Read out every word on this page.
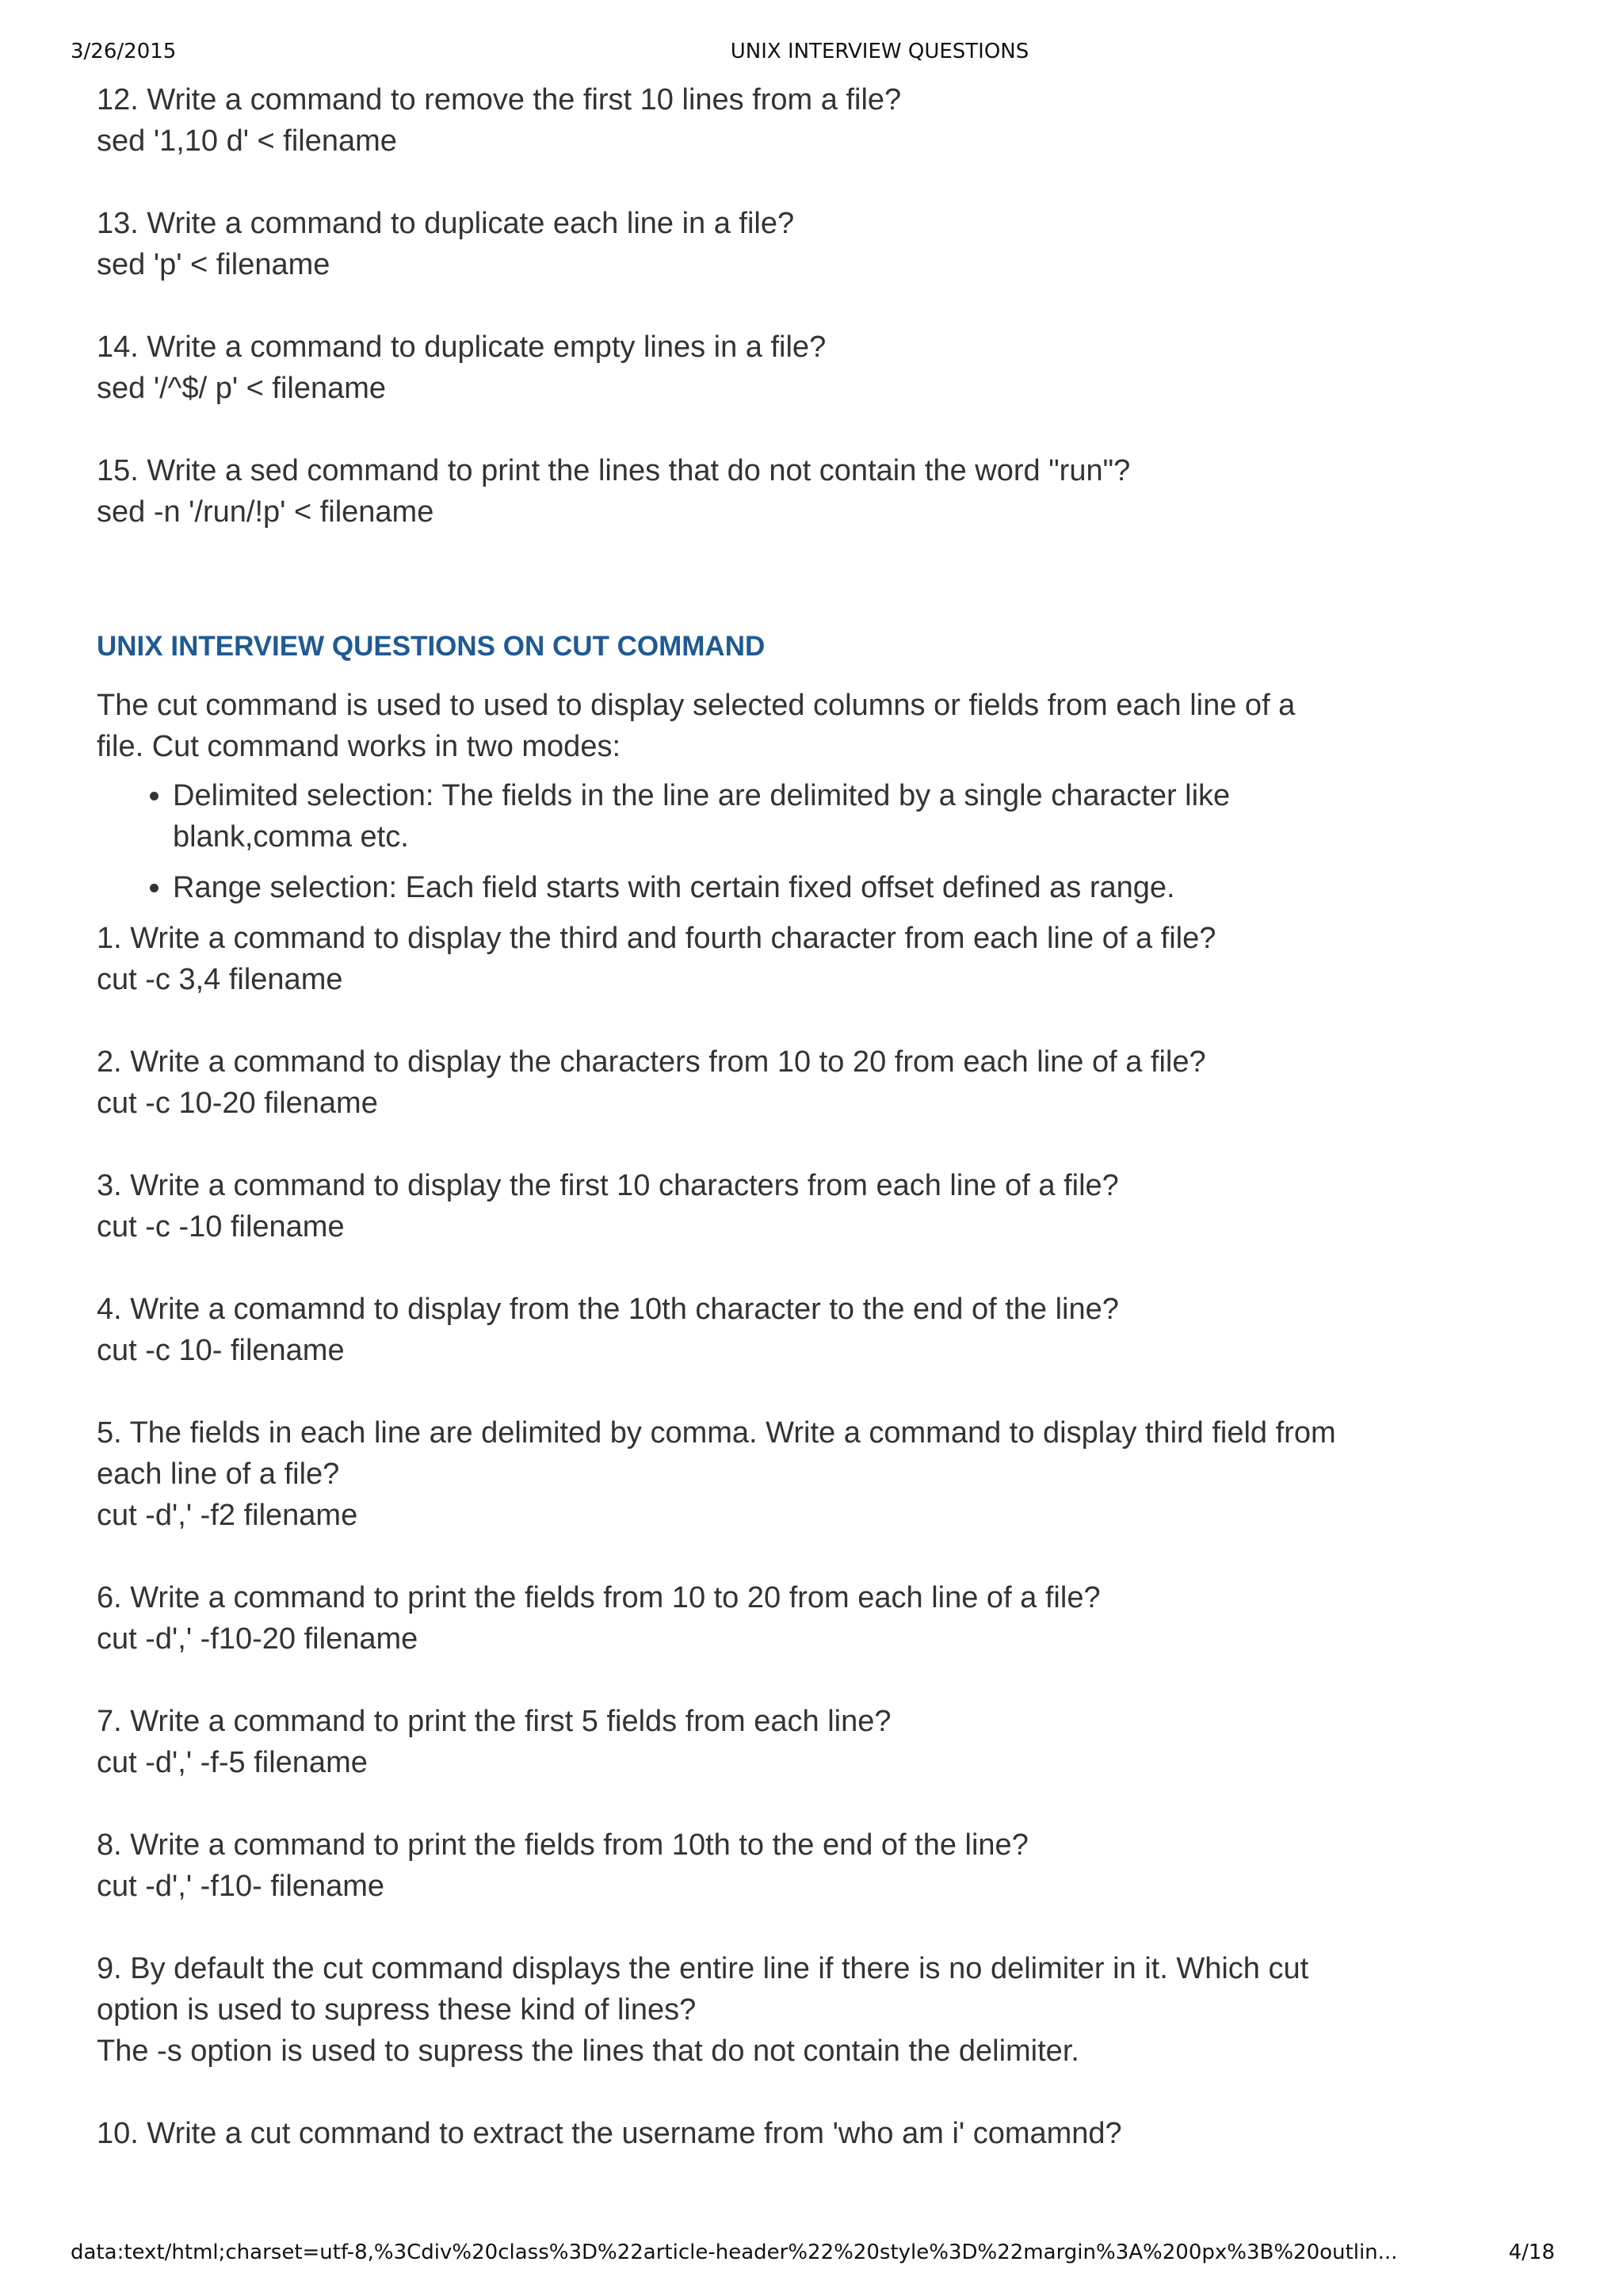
3/26/2015	UNIX INTERVIEW QUESTIONS

12. Write a command to remove the first 10 lines from a file?

sed '1,10 d' < filename

13. Write a command to duplicate each line in a file?

sed 'p' < filename

14. Write a command to duplicate empty lines in a file?

sed '/^$/ p' < filename

15. Write a sed command to print the lines that do not contain the word "run"?

sed -n '/run/!p' < filename

UNIX INTERVIEW QUESTIONS ON CUT COMMAND

The cut command is used to used to display selected columns or fields from each line of a file. Cut command works in two modes:

• Delimited selection: The fields in the line are delimited by a single character like blank,comma etc.
• Range selection: Each field starts with certain fixed offset defined as range.

1. Write a command to display the third and fourth character from each line of a file?

cut -c 3,4 filename

2. Write a command to display the characters from 10 to 20 from each line of a file?

cut -c 10-20 filename

3. Write a command to display the first 10 characters from each line of a file?

cut -c -10 filename

4. Write a comamnd to display from the 10th character to the end of the line?

cut -c 10- filename

5. The fields in each line are delimited by comma. Write a command to display third field from each line of a file?

cut -d',' -f2 filename

6. Write a command to print the fields from 10 to 20 from each line of a file?

cut -d',' -f10-20 filename

7. Write a command to print the first 5 fields from each line?

cut -d',' -f-5 filename

8. Write a command to print the fields from 10th to the end of the line?

cut -d',' -f10- filename

9. By default the cut command displays the entire line if there is no delimiter in it. Which cut option is used to supress these kind of lines?

The -s option is used to supress the lines that do not contain the delimiter.

10. Write a cut command to extract the username from 'who am i' comamnd?

data:text/html;charset=utf-8,%3Cdiv%20class%3D%22article-header%22%20style%3D%22margin%3A%200px%3B%20outlin...	4/18
